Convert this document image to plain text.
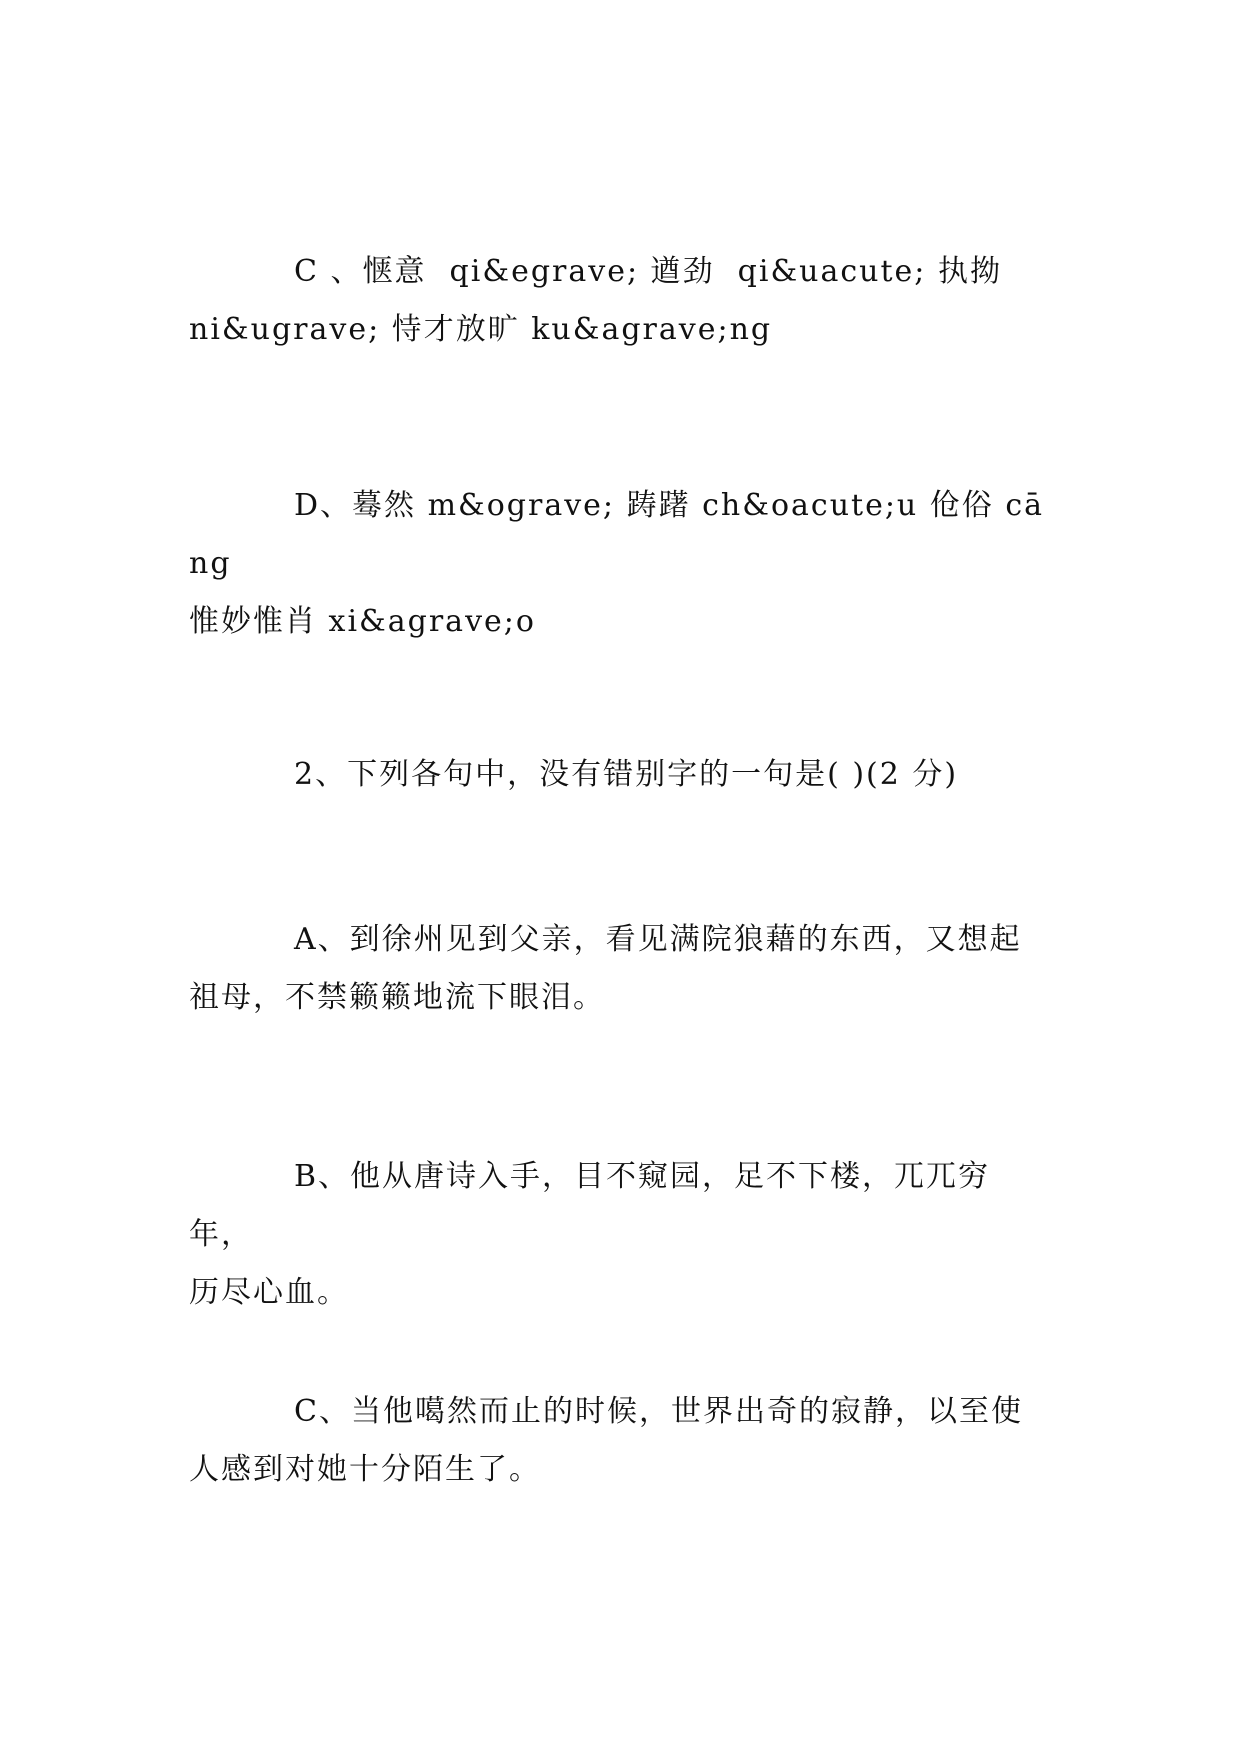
C 、惬意  qi&egrave; 遒劲  qi&uacute; 执拗
ni&ugrave; 恃才放旷 ku&agrave;ng
D、蓦然 m&ograve; 踌躇 ch&oacute;u 伧俗 cāng
惟妙惟肖 xi&agrave;o
2、下列各句中，没有错别字的一句是( )(2 分)
A、到徐州见到父亲，看见满院狼藉的东西，又想起
祖母，不禁籁籁地流下眼泪。
B、他从唐诗入手，目不窥园，足不下楼，兀兀穷年，
历尽心血。
C、当他噶然而止的时候，世界出奇的寂静，以至使
人感到对她十分陌生了。
